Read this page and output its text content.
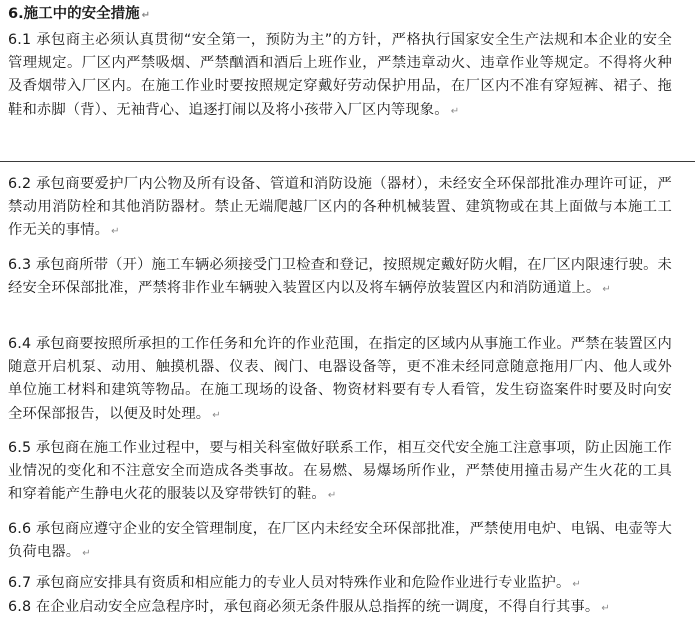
6.施工中的安全措施 ↵

6.1 承包商主必须认真贯彻“安全第一，预防为主”的方针，严格执行国家安全生产法规和本企业的安全管理规定。厂区内严禁吸烟、严禁酗酒和酒后上班作业，严禁违章动火、违章作业等规定。不得将火种及香烟带入厂区内。在施工作业时要按照规定穿戴好劳动保护用品，在厂区内不准有穿短裤、裙子、拖鞋和赤脚（背）、无袖背心、追逐打闹以及将小孩带入厂区内等现象。 ↵

6.2 承包商要爱护厂内公物及所有设备、管道和消防设施（器材），未经安全环保部批准办理许可证，严禁动用消防栓和其他消防器材。禁止无端爬越厂区内的各种机械装置、建筑物或在其上面做与本施工工作无关的事情。 ↵

6.3 承包商所带（开）施工车辆必须接受门卫检查和登记，按照规定戴好防火帽，在厂区内限速行驶。未经安全环保部批准，严禁将非作业车辆驶入装置区内以及将车辆停放装置区内和消防通道上。 ↵

6.4 承包商要按照所承担的工作任务和允许的作业范围，在指定的区域内从事施工作业。严禁在装置区内随意开启机泵、动用、触摸机器、仪表、阀门、电器设备等，更不准未经同意随意拖用厂内、他人或外单位施工材料和建筑等物品。在施工现场的设备、物资材料要有专人看管，发生窃盗案件时要及时向安全环保部报告，以便及时处理。 ↵

6.5 承包商在施工作业过程中，要与相关科室做好联系工作，相互交代安全施工注意事项，防止因施工作业情况的变化和不注意安全而造成各类事故。在易燃、易爆场所作业，严禁使用撞击易产生火花的工具和穿着能产生静电火花的服装以及穿带铁钉的鞋。 ↵

6.6 承包商应遵守企业的安全管理制度，在厂区内未经安全环保部批准，严禁使用电炉、电锅、电壶等大负荷电器。 ↵

6.7 承包商应安排具有资质和相应能力的专业人员对特殊作业和危险作业进行专业监护。 ↵

6.8 在企业启动安全应急程序时，承包商必须无条件服从总指挥的统一调度，不得自行其事。 ↵
